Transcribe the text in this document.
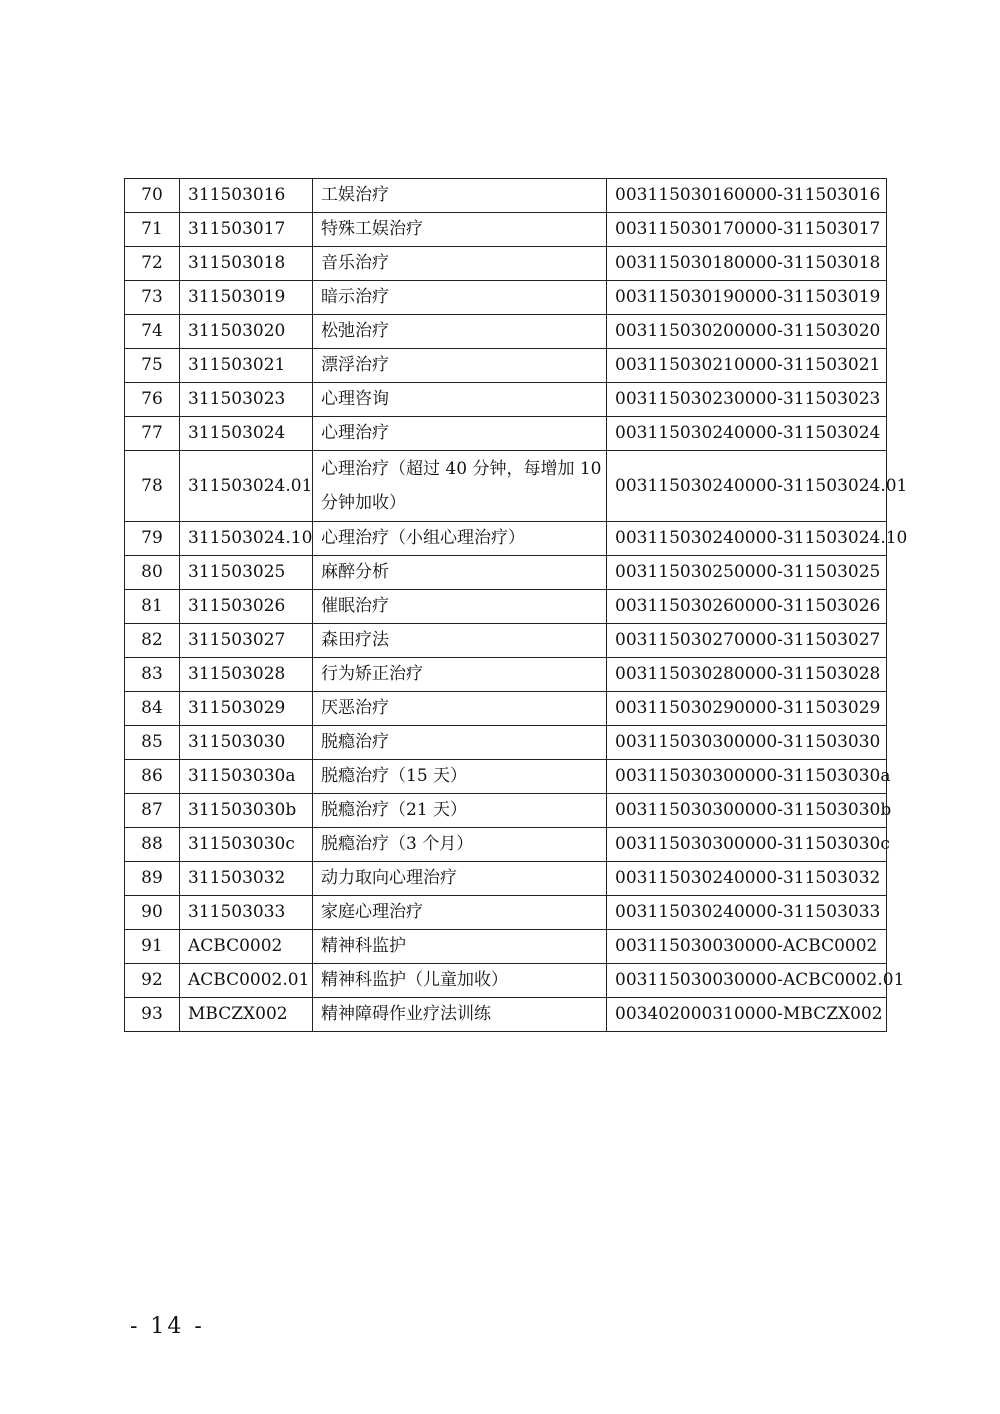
70	311503016	工娱治疗	003115030160000-311503016
71	311503017	特殊工娱治疗	003115030170000-311503017
72	311503018	音乐治疗	003115030180000-311503018
73	311503019	暗示治疗	003115030190000-311503019
74	311503020	松弛治疗	003115030200000-311503020
75	311503021	漂浮治疗	003115030210000-311503021
76	311503023	心理咨询	003115030230000-311503023
77	311503024	心理治疗	003115030240000-311503024
78	311503024.01	心理治疗（超过 40 分钟，每增加 10 分钟加收）	003115030240000-311503024.01
79	311503024.10	心理治疗（小组心理治疗）	003115030240000-311503024.10
80	311503025	麻醉分析	003115030250000-311503025
81	311503026	催眠治疗	003115030260000-311503026
82	311503027	森田疗法	003115030270000-311503027
83	311503028	行为矫正治疗	003115030280000-311503028
84	311503029	厌恶治疗	003115030290000-311503029
85	311503030	脱瘾治疗	003115030300000-311503030
86	311503030a	脱瘾治疗（15 天）	003115030300000-311503030a
87	311503030b	脱瘾治疗（21 天）	003115030300000-311503030b
88	311503030c	脱瘾治疗（3 个月）	003115030300000-311503030c
89	311503032	动力取向心理治疗	003115030240000-311503032
90	311503033	家庭心理治疗	003115030240000-311503033
91	ACBC0002	精神科监护	003115030030000-ACBC0002
92	ACBC0002.01	精神科监护（儿童加收）	003115030030000-ACBC0002.01
93	MBCZX002	精神障碍作业疗法训练	003402000310000-MBCZX002
- 14 -
